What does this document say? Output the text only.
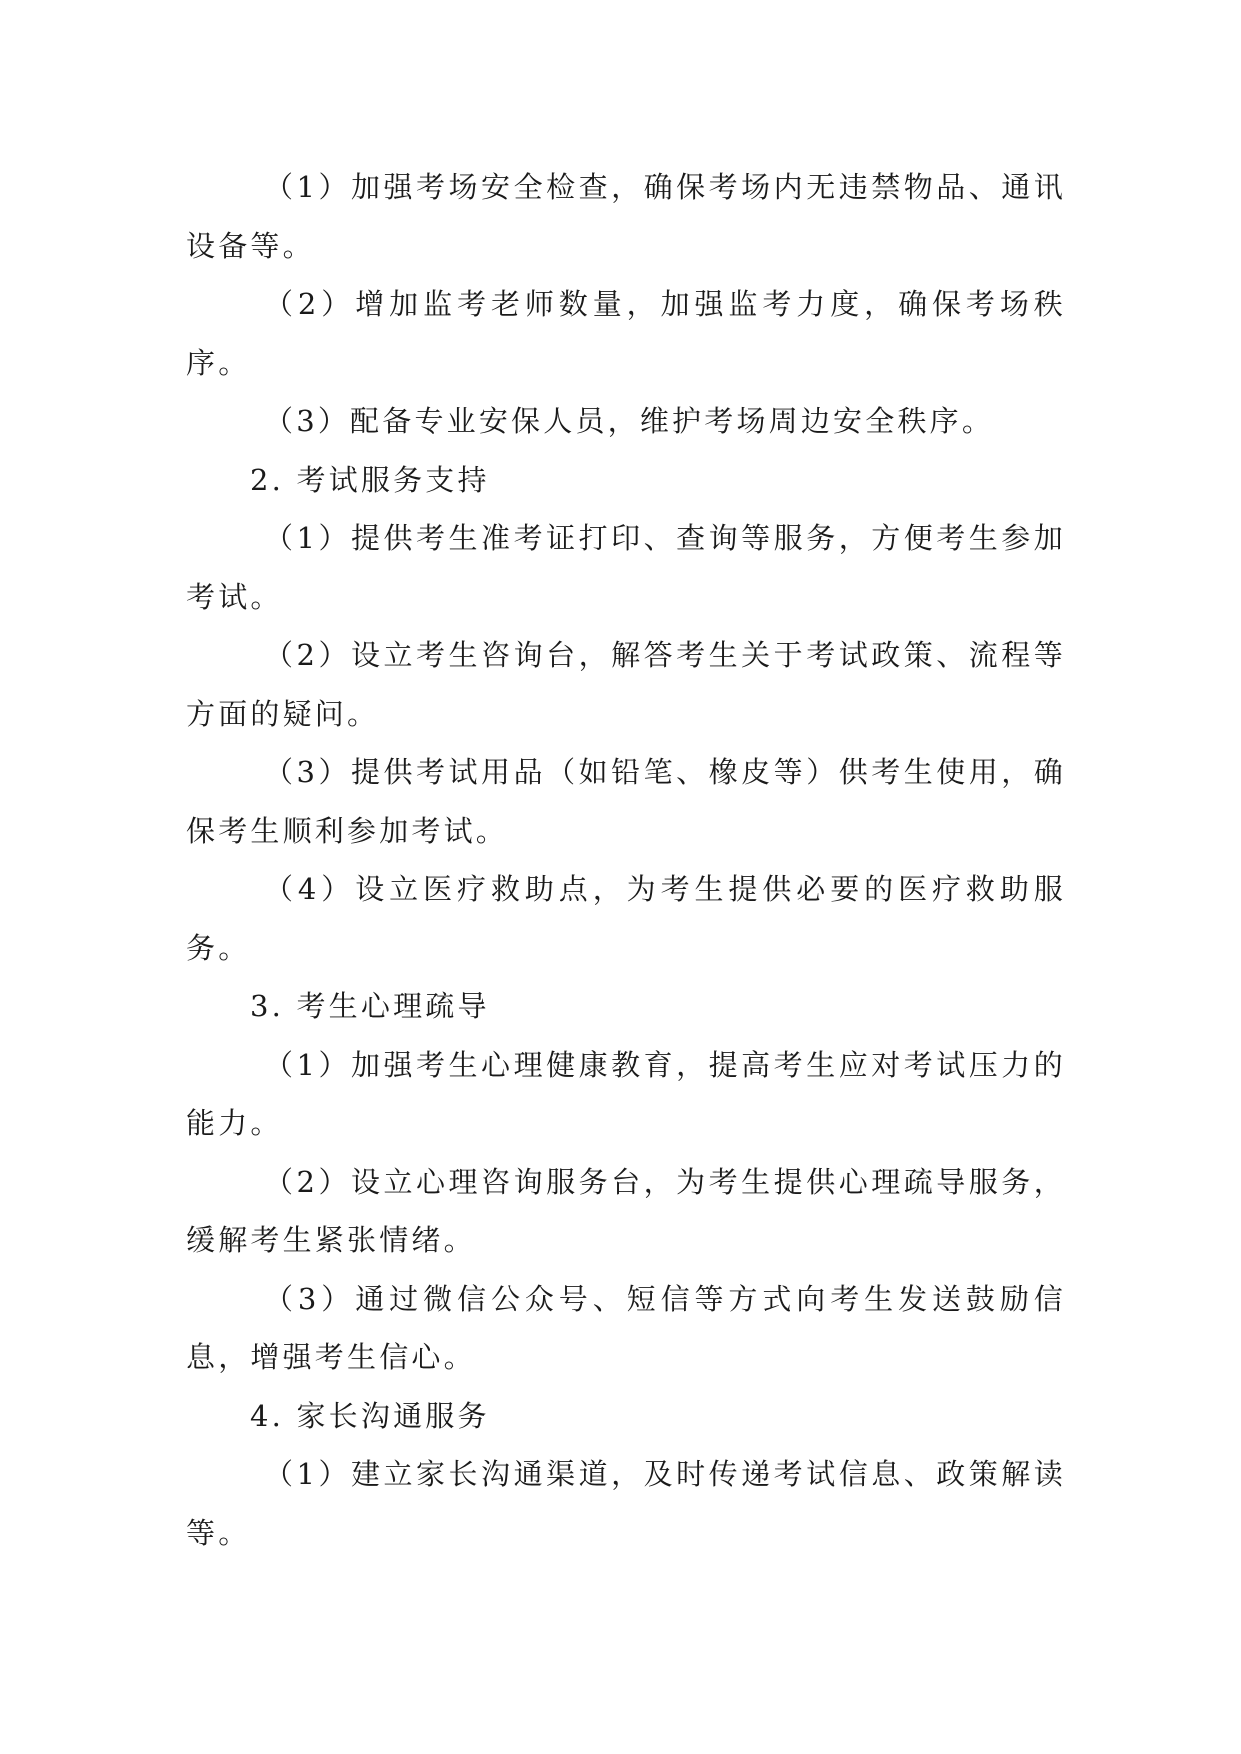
（1）加强考场安全检查，确保考场内无违禁物品、通讯设备等。

（2）增加监考老师数量，加强监考力度，确保考场秩序。

（3）配备专业安保人员，维护考场周边安全秩序。

2. 考试服务支持

（1）提供考生准考证打印、查询等服务，方便考生参加考试。

（2）设立考生咨询台，解答考生关于考试政策、流程等方面的疑问。

（3）提供考试用品（如铅笔、橡皮等）供考生使用，确保考生顺利参加考试。

（4）设立医疗救助点，为考生提供必要的医疗救助服务。

3. 考生心理疏导

（1）加强考生心理健康教育，提高考生应对考试压力的能力。

（2）设立心理咨询服务台，为考生提供心理疏导服务，缓解考生紧张情绪。

（3）通过微信公众号、短信等方式向考生发送鼓励信息，增强考生信心。

4. 家长沟通服务

（1）建立家长沟通渠道，及时传递考试信息、政策解读等。
